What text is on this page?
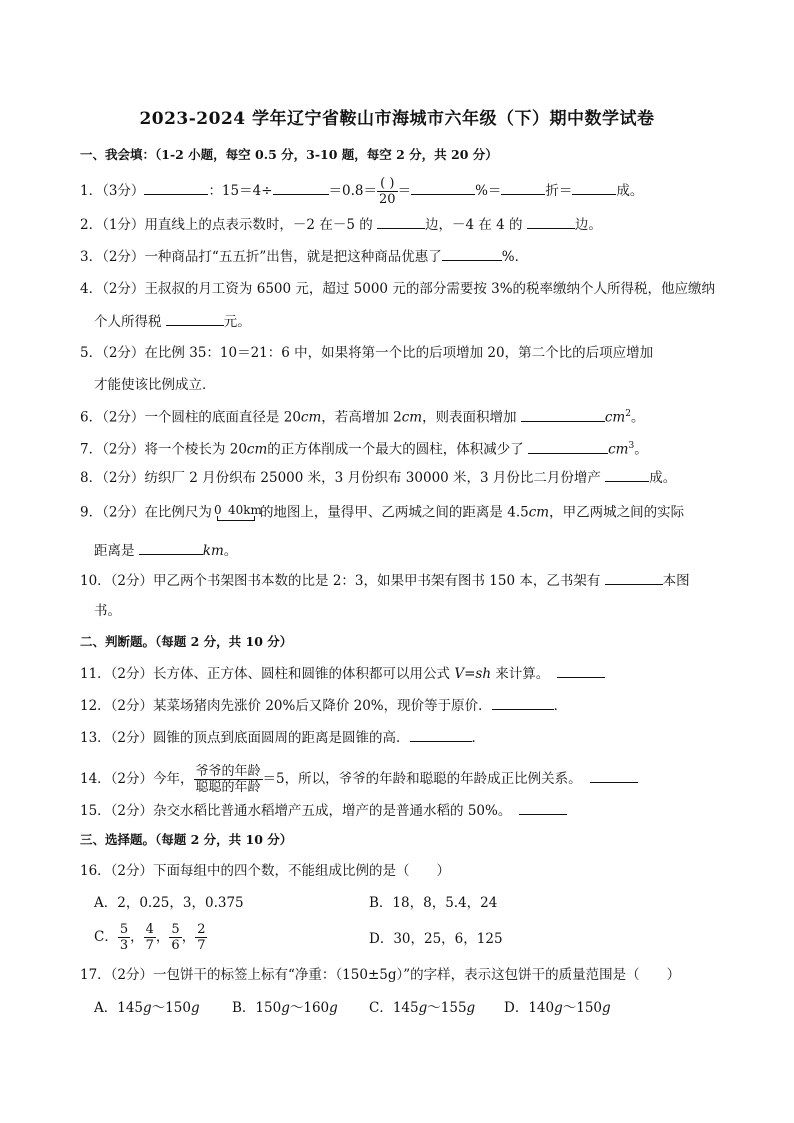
2023-2024 学年辽宁省鞍山市海城市六年级（下）期中数学试卷
一、我会填：（1-2 小题，每空 0.5 分，3-10 题，每空 2 分，共 20 分）
1．（3分）	：15＝4÷	$=0.8= \frac{( )}{20}$ ＝	%＝	折＝	成。
2．（1分）用直线上的点表示数时，－2 在－5 的	边，－4 在 4 的	边。
3．（2分）一种商品打“五五折”出售，就是把这种商品优惠了	%．
4．（2分）王叔叔的月工资为 6500 元，超过 5000 元的部分需要按 3%的税率缴纳个人所得税，他应缴纳
个人所得税	元。
5．（2分）在比例 35：10＝21：6 中，如果将第一个比的后项增加 20，第二个比的后项应增加
才能使该比例成立．
6．（2分）一个圆柱的底面直径是 20cm，若高增加 2cm，则表面积增加	$cm^2$。
7．（2分）将一个棱长为 20cm的正方体削成一个最大的圆柱，体积减少了	$cm^3$。
8．（2分）纺织厂 2 月份织布 25000 米，3 月份织布 30000 米，3 月份比二月份增产	成。
9．（2分）在比例尺为 0 40km
的地图上，量得甲、乙两城之间的距离是 4.5cm，甲乙两城之间的实际
距离是	km。
10．（2分）甲乙两个书架图书本数的比是 2：3，如果甲书架有图书 150 本，乙书架有	本图
书。
二、判断题。（每题 2 分，共 10 分）
11．（2分）长方体、正方体、圆柱和圆锥的体积都可以用公式 V=sh 来计算。
12．（2分）某菜场猪肉先涨价 20%后又降价 20%，现价等于原价．	．
13．（2分）圆锥的顶点到底面圆周的距离是圆锥的高．	．
14．（2分）今年， $\frac{\text{爷爷的年龄}}{\text{聪聪的年龄}} =5$，所以，爷爷的年龄和聪聪的年龄成正比例关系。
15．（2分）杂交水稻比普通水稻增产五成，增产的是普通水稻的 50%。
三、选择题。（每题 2 分，共 10 分）
16．（2分）下面每组中的四个数，不能组成比例的是（　　）
A．2，0.25，3，0.375	B．18，8，5.4，24
C． $\frac{5}{3}$ ， $\frac{4}{7}$ ， $\frac{5}{6}$ ， $\frac{2}{7}$	D．30，25，6，125
17．（2分）一包饼干的标签上标有“净重：（150±5g）”的字样，表示这包饼干的质量范围是（　　）
A．145g～150g B．150g～160g C．145g～155g D．140g～150g
